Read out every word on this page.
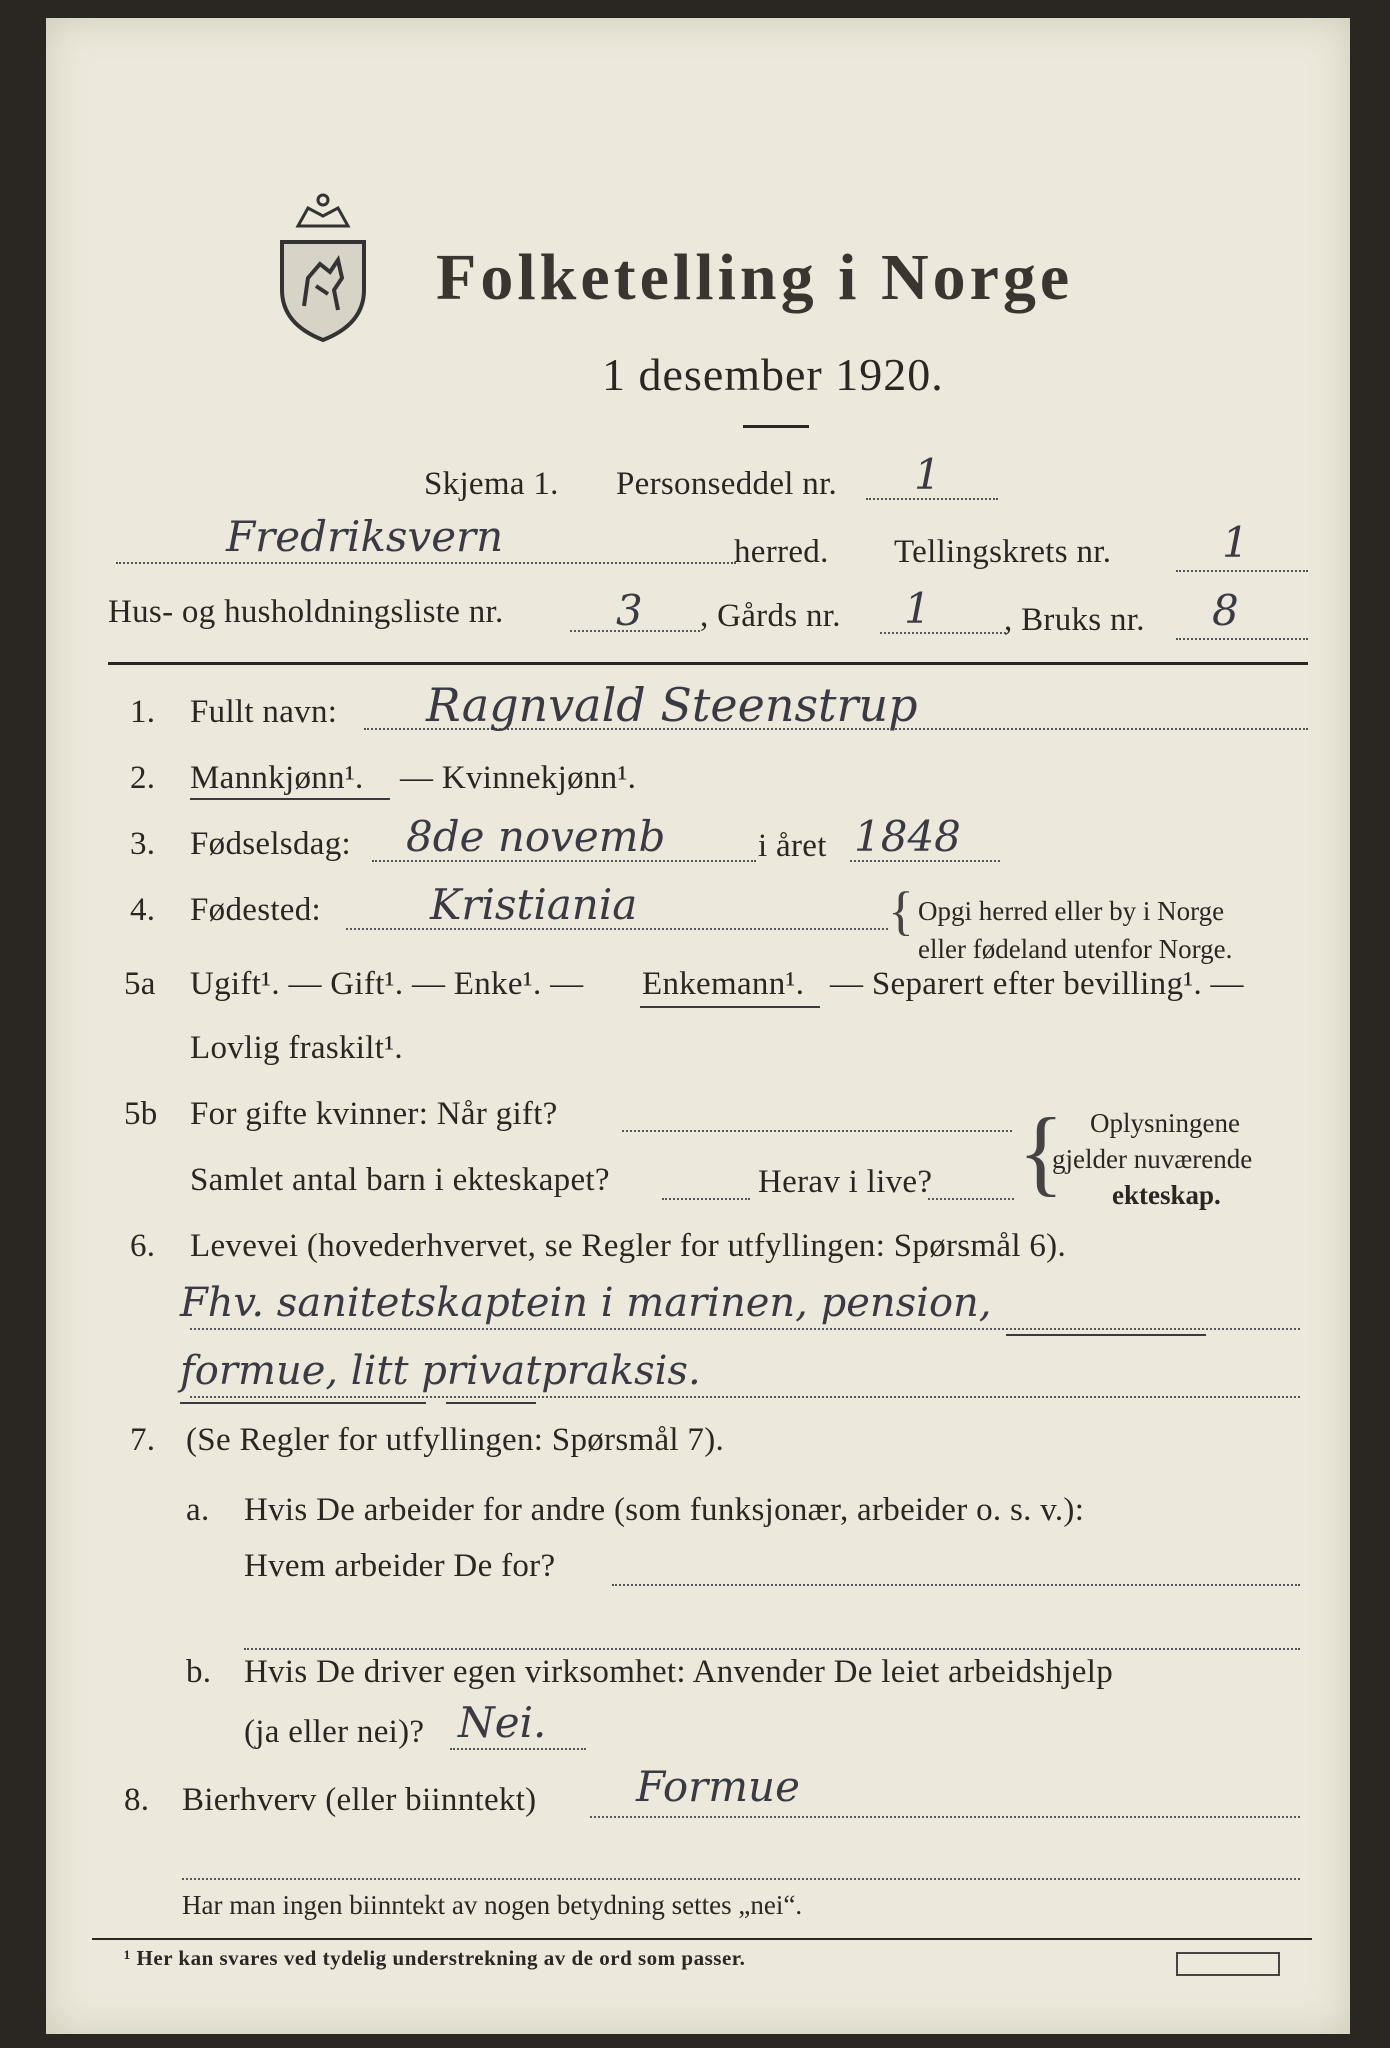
Folketelling i Norge
1 desember 1920.
Skjema 1. Personseddel nr. 1
Fredriksvern	herred. Tellingskrets nr.	1
Hus- og husholdningsliste nr.	3 , Gårds nr. 1 , Bruks nr. 8
1. Fullt navn: Ragnvald Steenstrup
2. Mannkjønn¹. — Kvinnekjønn¹.
3. Fødselsdag: 8de novemb	i året 1848
4. Fødested:	Kristiania	{ Opgi herred eller by i Norge
eller fødeland utenfor Norge.
5a Ugift¹. — Gift¹. — Enke¹. — Enkemann¹. — Separert efter bevilling¹. —
Lovlig fraskilt¹.
5b For gifte kvinner: Når gift?
Samlet antal barn i ekteskapet?	Herav i live? { Oplysningene
gjelder nuværende
ekteskap.
6. Levevei (hovederhvervet, se Regler for utfyllingen: Spørsmål 6).
Fhv. sanitetskaptein i marinen, pension,
formue, litt privatpraksis.
7. (Se Regler for utfyllingen: Spørsmål 7).
a. Hvis De arbeider for andre (som funksjonær, arbeider o. s. v.):
Hvem arbeider De for?
b. Hvis De driver egen virksomhet: Anvender De leiet arbeidshjelp
(ja eller nei)? Nei.
8. Bierhverv (eller biinntekt) Formue
Har man ingen biinntekt av nogen betydning settes „nei“.
¹ Her kan svares ved tydelig understrekning av de ord som passer.
